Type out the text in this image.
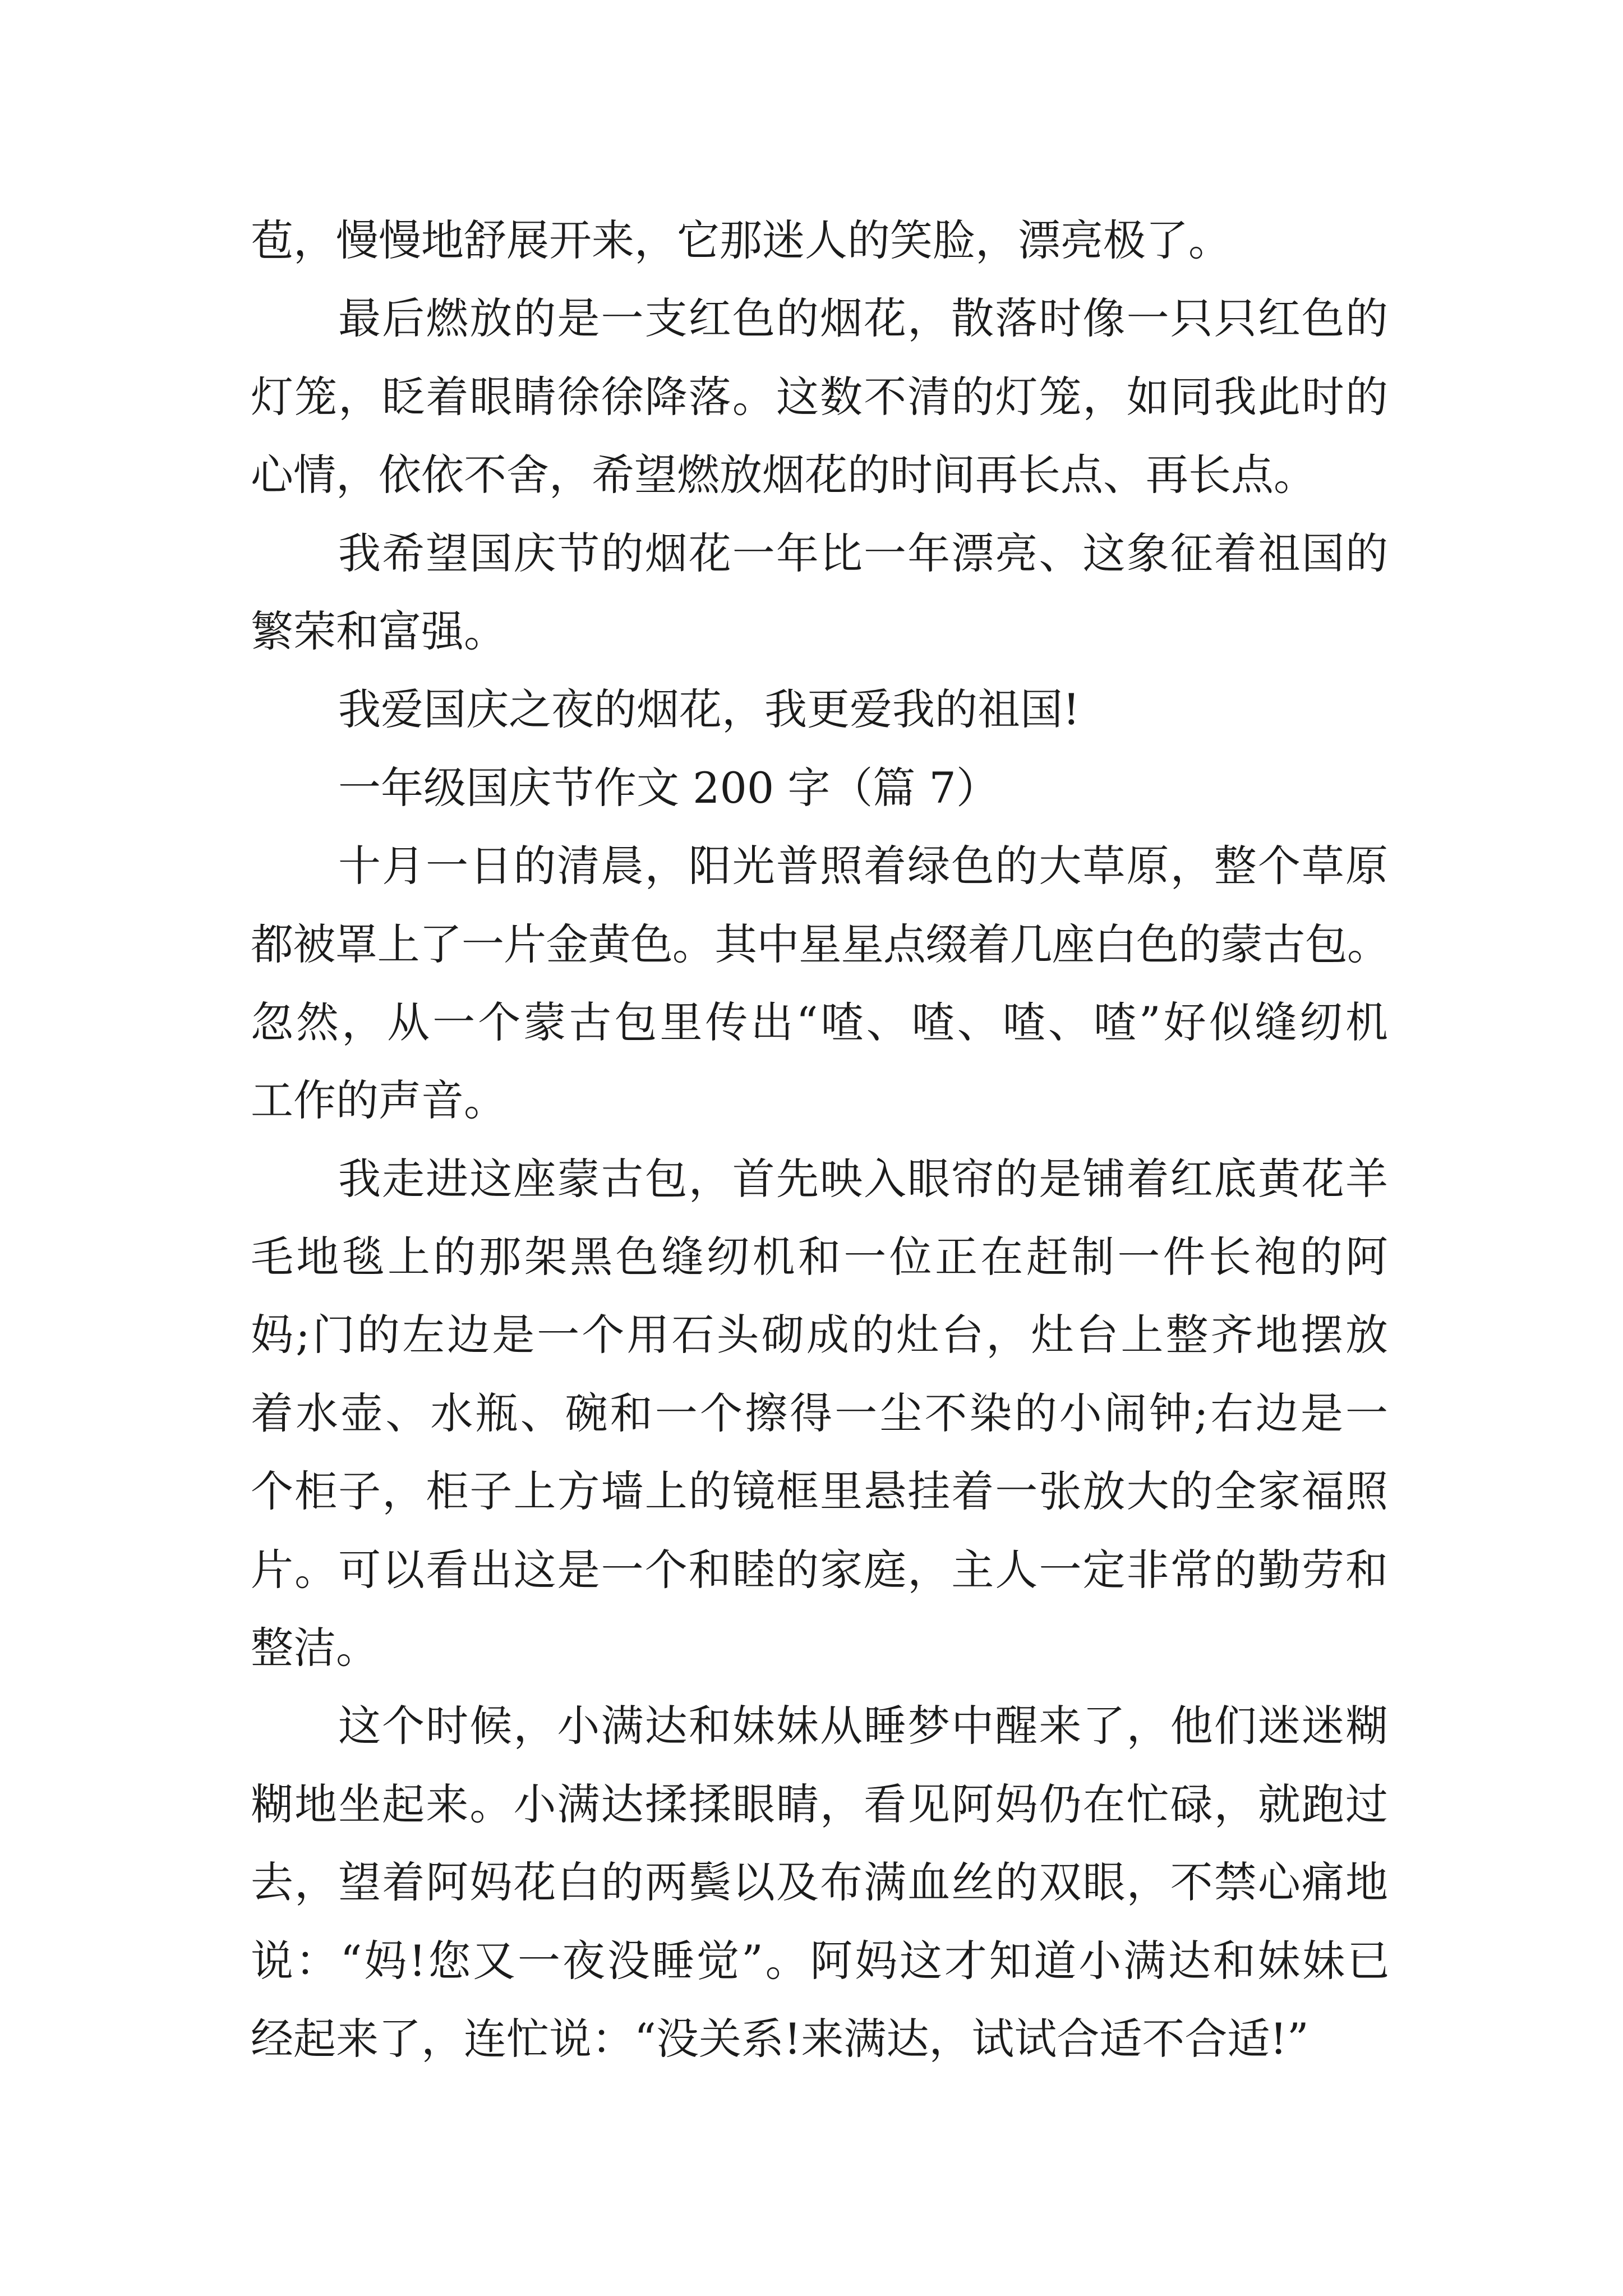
苞，慢慢地舒展开来，它那迷人的笑脸，漂亮极了。
最后燃放的是一支红色的烟花，散落时像一只只红色的
灯笼，眨着眼睛徐徐降落。这数不清的灯笼，如同我此时的
心情，依依不舍，希望燃放烟花的时间再长点、再长点。
我希望国庆节的烟花一年比一年漂亮、这象征着祖国的
繁荣和富强。
我爱国庆之夜的烟花，我更爱我的祖国!
一年级国庆节作文 200 字（篇 7）
十月一日的清晨，阳光普照着绿色的大草原，整个草原
都被罩上了一片金黄色。其中星星点缀着几座白色的蒙古包。
忽然，从一个蒙古包里传出“喳、喳、喳、喳”好似缝纫机
工作的声音。
我走进这座蒙古包，首先映入眼帘的是铺着红底黄花羊
毛地毯上的那架黑色缝纫机和一位正在赶制一件长袍的阿
妈;门的左边是一个用石头砌成的灶台，灶台上整齐地摆放
着水壶、水瓶、碗和一个擦得一尘不染的小闹钟;右边是一
个柜子，柜子上方墙上的镜框里悬挂着一张放大的全家福照
片。可以看出这是一个和睦的家庭，主人一定非常的勤劳和
整洁。
这个时候，小满达和妹妹从睡梦中醒来了，他们迷迷糊
糊地坐起来。小满达揉揉眼睛，看见阿妈仍在忙碌，就跑过
去，望着阿妈花白的两鬓以及布满血丝的双眼，不禁心痛地
说：“妈!您又一夜没睡觉”。阿妈这才知道小满达和妹妹已
经起来了，连忙说：“没关系!来满达，试试合适不合适!”
